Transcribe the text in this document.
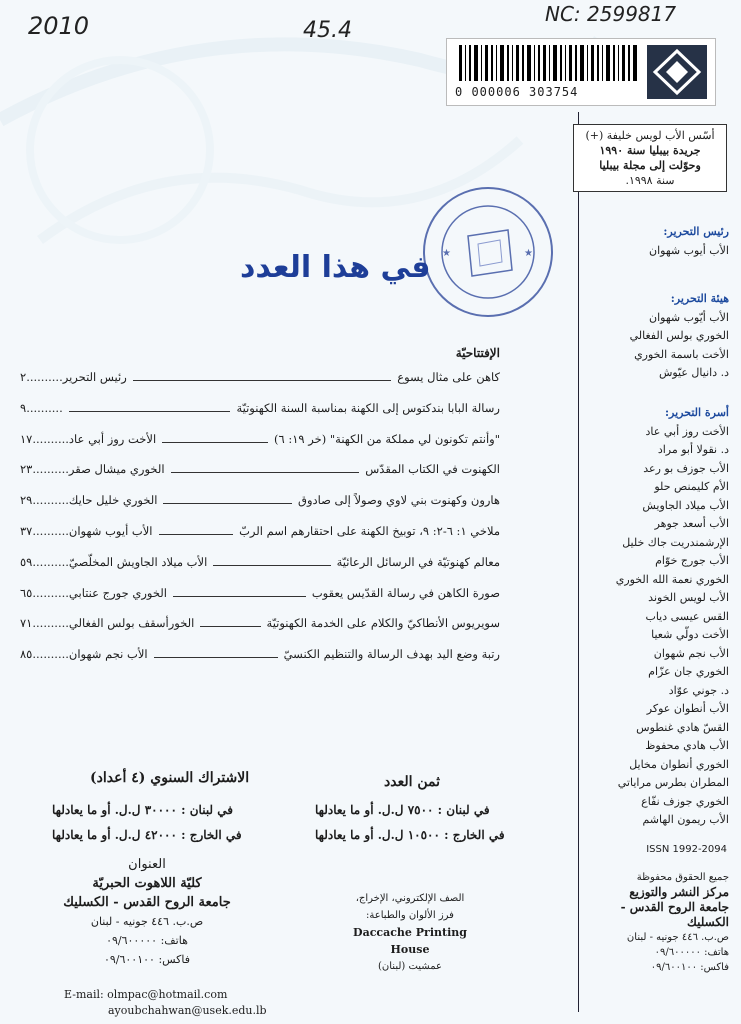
2010	45.4
NC: 2599817
0 000006 303754
★	★
في هذا العدد
الإفتتاحيّة
كاهن على مثال يسوع
رئيس التحرير..........٢
رسالة البابا بندكتوس إلى الكهنة بمناسبة السنة الكهنوتيّة
..........٩
"وأنتم تكونون لي مملكة من الكهنة" (خر ١٩: ٦)
الأخت روز أبي عاد..........١٧
الكهنوت في الكتاب المقدّس
الخوري ميشال صقر..........٢٣
هارون وكهنوت بني لاوي وصولاً إلى صادوق
الخوري خليل حايك..........٢٩
ملاخي ١: ٦-٢: ٩، توبيخ الكهنة على احتقارهم اسم الربّ
الأب أيوب شهوان..........٣٧
معالم كهنوتيّة في الرسائل الرعائيّة
الأب ميلاد الجاويش المخلّصيّ..........٥٩
صورة الكاهن في رسالة القدّيس يعقوب
الخوري جورج عنتابي..........٦٥
سويريوس الأنطاكيّ والكلام على الخدمة الكهنوتيّة
الخورأسقف بولس الفغالي..........٧١
رتبة وضع اليد بهدف الرسالة والتنظيم الكنسيّ
الأب نجم شهوان..........٨٥
أسّس الأب لويس خليفة (+)
جريدة بيبليا سنة ١٩٩٠
وحوّلت إلى مجلة بيبليا
سنة ١٩٩٨.
رئيس التحرير:
الأب أيوب شهوان
هيئة التحرير:
الأب أيّوب شهوان
الخوري بولس الفغالي
الأخت باسمة الخوري
د. دانيال عيّوش
أسرة التحرير:
الأخت روز أبي عاد
د. نقولا أبو مراد
الأب جوزف بو رعد
الأم كليمنص حلو
الأب ميلاد الجاويش
الأب أسعد جوهر
الإرشمندريت جاك خليل
الأب جورج خوّام
الخوري نعمة الله الخوري
الأب لويس الخوند
القس عيسى دياب
الأخت دولّي شعيا
الأب نجم شهوان
الخوري جان عزّام
د. جوني عوّاد
الأب أنطوان عوكر
القسّ هادي غنطوس
الأب هادي محفوظ
الخوري أنطوان مخايل
المطران بطرس مراياتي
الخوري جوزف نفّاع
الأب ريمون الهاشم
ISSN 1992-2094
جميع الحقوق محفوظة
مركز النشر والتوزيع
جامعة الروح القدس - الكسليك
ص.ب. ٤٤٦ جونيه - لبنان
هاتف: ٠٩/٦٠٠٠٠٠
فاكس: ٠٩/٦٠٠١٠٠
الاشتراك السنوي (٤ أعداد)
في لبنان : ٣٠٠٠٠ ل.ل. أو ما يعادلها
في الخارج : ٤٢٠٠٠ ل.ل. أو ما يعادلها
ثمن العدد
في لبنان : ٧٥٠٠ ل.ل. أو ما يعادلها
في الخارج : ١٠٥٠٠ ل.ل. أو ما يعادلها
العنوان
كليّة اللاهوت الحبريّة
جامعة الروح القدس - الكسليك
ص.ب. ٤٤٦ جونيه - لبنان
هاتف: ٠٩/٦٠٠٠٠٠
فاكس: ٠٩/٦٠٠١٠٠
E-mail: olmpac@hotmail.com
ayoubchahwan@usek.edu.lb
الصف الإلكتروني، الإخراج،
فرز الألوان والطباعة:
Daccache Printing House
عمشيت (لبنان)
